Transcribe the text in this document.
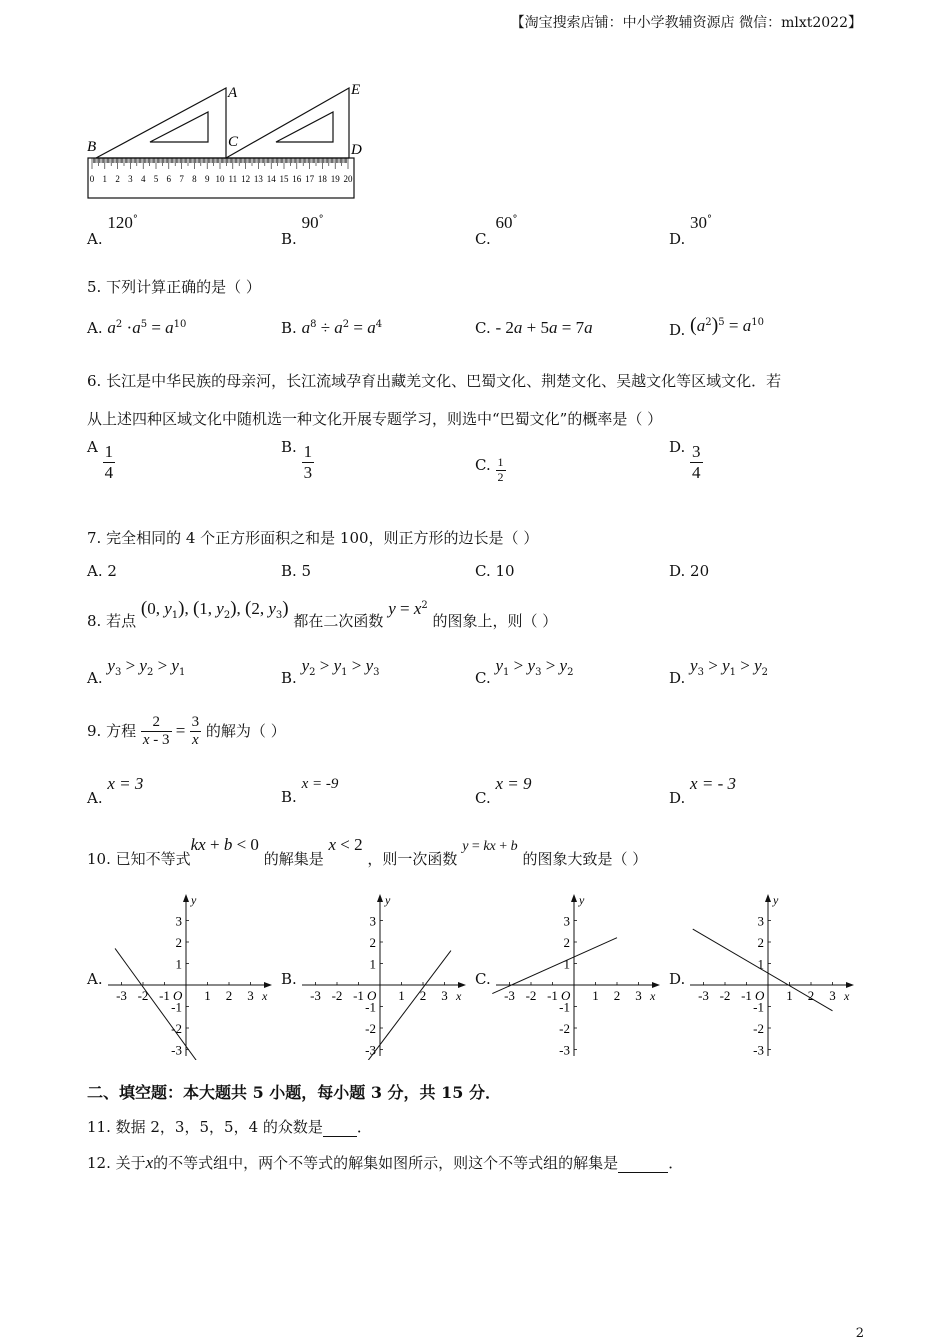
【淘宝搜索店铺：中小学教辅资源店 微信：mlxt2022】
0 1 2 3 4 5 6 7 8 9 10 11 12 13 14 15 16 17 18 19 20
A
B	C	D
E
A. 120°
B. 90°
C. 60°
D. 30°
5. 下列计算正确的是（ ）
A. $a^2 \cdot a^5 = a^{10}$	B. $a^8 \div a^2 = a^4$	C. - 2a + 5a = 7a	D. $(a^2)^5 = a^{10}$
6. 长江是中华民族的母亲河，长江流域孕育出藏羌文化、巴蜀文化、荆楚文化、吴越文化等区域文化．若
从上述四种区域文化中随机选一种文化开展专题学习，则选中“巴蜀文化”的概率是（ ）
A $\frac{1}{4}$	B. $\frac{1}{3}$	C. $\frac{1}{2}$
D. $\frac{3}{4}$
7. 完全相同的 4 个正方形面积之和是 100，则正方形的边长是（ ）
A. 2	B. 5	C. 10	D. 20
8. 若点 (0, $y_1$), (1, $y_2$), (2, $y_3$) 都在二次函数 $y = x^2$ 的图象上，则（ ）
A. $y_3 > y_2 > y_1$	B. $y_2 > y_1 > y_3$	C. $y_1 > y_3 > y_2$	D. $y_3 > y_1 > y_2$
9. 方程 $\frac{2}{x - 3} = \frac{3}{x}$ 的解为（ ）
A. x = 3
B. x = -9
C. x = 9
D. x = - 3
10. 已知不等式kx + b < 0 的解集是 x < 2 ，则一次函数 y = kx + b 的图象大致是（ ）
A.	B.	C.	D.
x
y
O
-3
-3
-2
-2
-1
-1
1
1
2
2
3
3
x
y
O
-3
-3
-2
-2
-1
-1
1
1
2
2
3
3
x
y
O
-3
-3
-2
-2
-1
-1
1
1
2
2
3
3
x
y
O
-3
-3
-2
-2
-1
-1
1
1
2
2
3
3
二、填空题：本大题共 5 小题，每小题 3 分，共 15 分．
11. 数据 2，3，5，5，4 的众数是 ．
12. 关于x的不等式组中，两个不等式的解集如图所示，则这个不等式组的解集是	．
2
